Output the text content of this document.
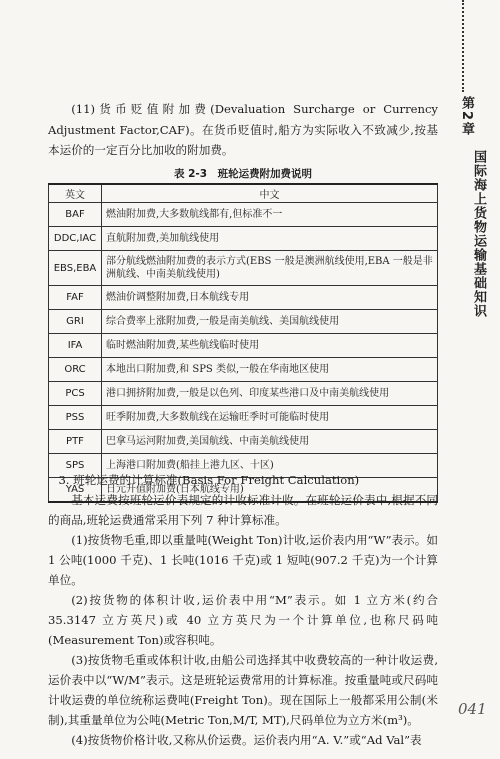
第2章
国际海上货物运输基础知识

(11)货币贬值附加费(Devaluation Surcharge or Currency Adjustment Factor,CAF)。在货币贬值时,船方为实际收入不致减少,按基本运价的一定百分比加收的附加费。

表 2-3　班轮运费附加费说明
英文	中文
BAF	燃油附加费,大多数航线都有,但标准不一
DDC,IAC	直航附加费,美加航线使用
EBS,EBA	部分航线燃油附加费的表示方式(EBS 一般是澳洲航线使用,EBA 一般是非洲航线、中南美航线使用)
FAF	燃油价调整附加费,日本航线专用
GRI	综合费率上涨附加费,一般是南美航线、美国航线使用
IFA	临时燃油附加费,某些航线临时使用
ORC	本地出口附加费,和 SPS 类似,一般在华南地区使用
PCS	港口拥挤附加费,一般是以色列、印度某些港口及中南美航线使用
PSS	旺季附加费,大多数航线在运输旺季时可能临时使用
PTF	巴拿马运河附加费,美国航线、中南美航线使用
SPS	上海港口附加费(船挂上港九区、十区)
YAS	日元升值附加费(日本航线专用)

3. 班轮运费的计算标准(Basis For Freight Calculation)

基本运费按班轮运价表规定的计收标准计收。在班轮运价表中,根据不同的商品,班轮运费通常采用下列 7 种计算标准。

(1)按货物毛重,即以重量吨(Weight Ton)计收,运价表内用“W”表示。如 1 公吨(1000 千克)、1 长吨(1016 千克)或 1 短吨(907.2 千克)为一个计算单位。

(2)按货物的体积计收,运价表中用“M”表示。如 1 立方米(约合 35.3147 立方英尺)或 40 立方英尺为一个计算单位,也称尺码吨(Measurement Ton)或容积吨。

(3)按货物毛重或体积计收,由船公司选择其中收费较高的一种计收运费,运价表中以“W/M”表示。这是班轮运费常用的计算标准。按重量吨或尺码吨计收运费的单位统称运费吨(Freight Ton)。现在国际上一般都采用公制(米制),其重量单位为公吨(Metric Ton,M/T, MT),尺码单位为立方米(m³)。

(4)按货物价格计收,又称从价运费。运价表内用“A. V.”或“Ad Val”表

041
